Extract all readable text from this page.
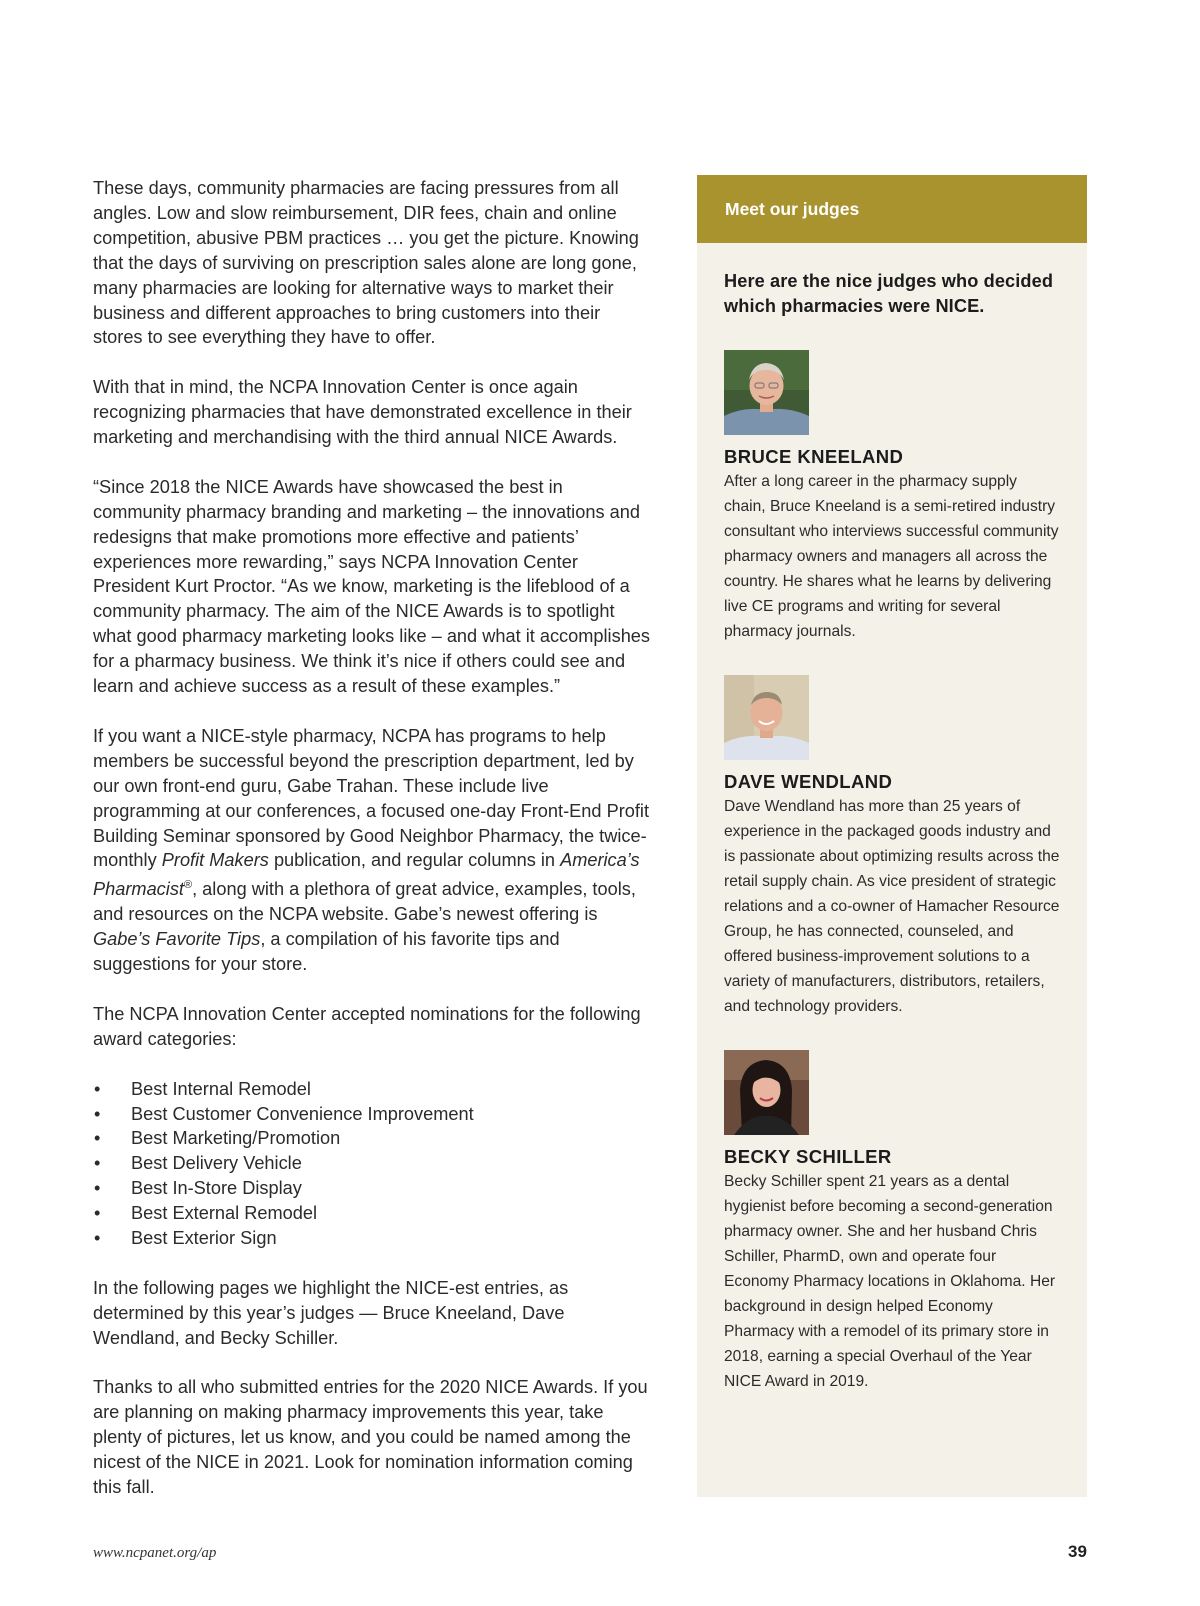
These days, community pharmacies are facing pressures from all angles. Low and slow reimbursement, DIR fees, chain and online competition, abusive PBM practices … you get the picture. Knowing that the days of surviving on prescription sales alone are long gone, many pharmacies are looking for alternative ways to market their business and different approaches to bring customers into their stores to see everything they have to offer.

With that in mind, the NCPA Innovation Center is once again recognizing pharmacies that have demonstrated excellence in their marketing and merchandising with the third annual NICE Awards.

“Since 2018 the NICE Awards have showcased the best in community pharmacy branding and marketing – the innovations and redesigns that make promotions more effective and patients’ experiences more rewarding,” says NCPA Innovation Center President Kurt Proctor. “As we know, marketing is the lifeblood of a community pharmacy. The aim of the NICE Awards is to spotlight what good pharmacy marketing looks like – and what it accomplishes for a pharmacy business. We think it’s nice if others could see and learn and achieve success as a result of these examples.”

If you want a NICE-style pharmacy, NCPA has programs to help members be successful beyond the prescription department, led by our own front-end guru, Gabe Trahan. These include live programming at our conferences, a focused one-day Front-End Profit Building Seminar sponsored by Good Neighbor Pharmacy, the twice-monthly Profit Makers publication, and regular columns in America’s Pharmacist®, along with a plethora of great advice, examples, tools, and resources on the NCPA website. Gabe’s newest offering is Gabe’s Favorite Tips, a compilation of his favorite tips and suggestions for your store.

The NCPA Innovation Center accepted nominations for the following award categories:

• Best Internal Remodel
• Best Customer Convenience Improvement
• Best Marketing/Promotion
• Best Delivery Vehicle
• Best In-Store Display
• Best External Remodel
• Best Exterior Sign

In the following pages we highlight the NICE-est entries, as determined by this year’s judges — Bruce Kneeland, Dave Wendland, and Becky Schiller.

Thanks to all who submitted entries for the 2020 NICE Awards. If you are planning on making pharmacy improvements this year, take plenty of pictures, let us know, and you could be named among the nicest of the NICE in 2021. Look for nomination information coming this fall.

Meet our judges

Here are the nice judges who decided which pharmacies were NICE.

BRUCE KNEELAND

After a long career in the pharmacy supply chain, Bruce Kneeland is a semi-retired industry consultant who interviews successful community pharmacy owners and managers all across the country. He shares what he learns by delivering live CE programs and writing for several pharmacy journals.

DAVE WENDLAND

Dave Wendland has more than 25 years of experience in the packaged goods industry and is passionate about optimizing results across the retail supply chain. As vice president of strategic relations and a co-owner of Hamacher Resource Group, he has connected, counseled, and offered business-improvement solutions to a variety of manufacturers, distributors, retailers, and technology providers.

BECKY SCHILLER

Becky Schiller spent 21 years as a dental hygienist before becoming a second-generation pharmacy owner. She and her husband Chris Schiller, PharmD, own and operate four Economy Pharmacy locations in Oklahoma. Her background in design helped Economy Pharmacy with a remodel of its primary store in 2018, earning a special Overhaul of the Year NICE Award in 2019.

www.ncpanet.org/ap	39
